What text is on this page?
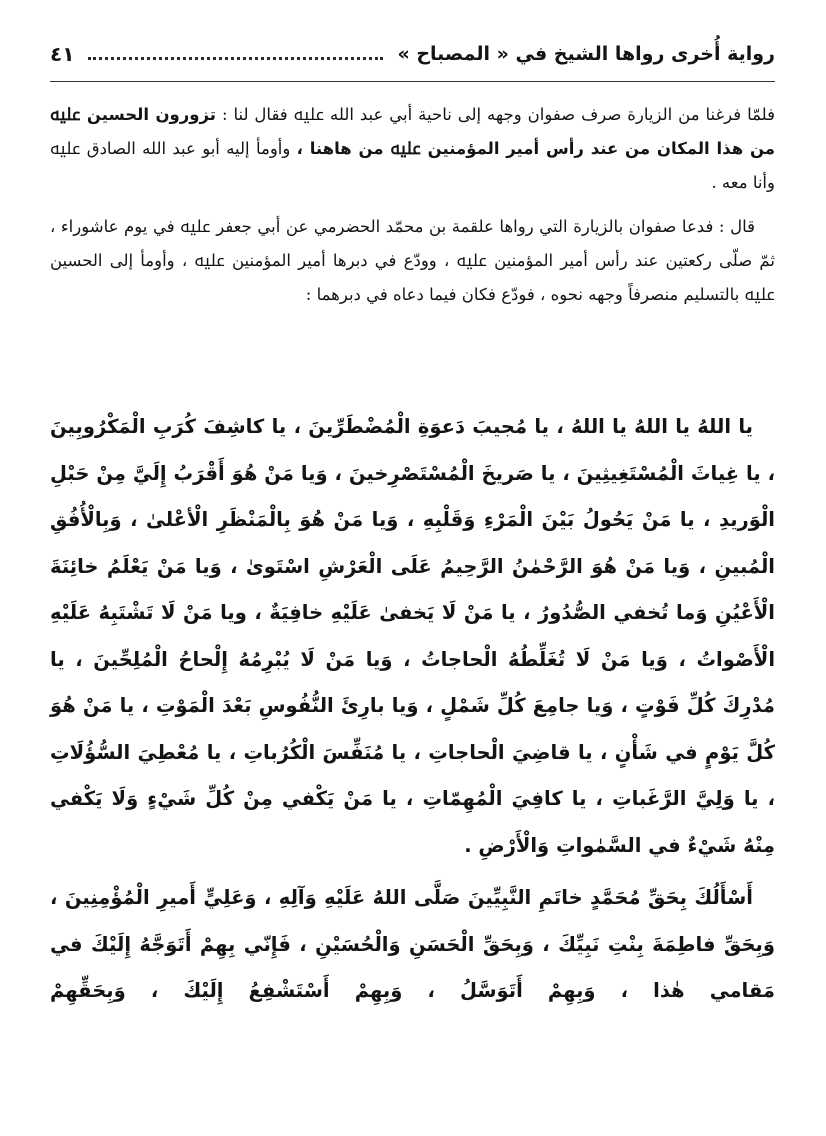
رواية أُخرى رواها الشيخ في « المصباح »
٤١

فلمّا فرغنا من الزيارة صرف صفوان وجهه إلى ناحية أبي عبد الله ﷷ فقال لنا : تزورون الحسين ﷷ من هذا المكان من عند رأس أمير المؤمنين ﷷ من هاهنا ، وأومأ إليه أبو عبد الله الصادق ﷷ وأنا معه .

قال : فدعا صفوان بالزيارة التي رواها علقمة بن محمّد الحضرمي عن أبي جعفر ﷷ في يوم عاشوراء ، ثمّ صلّى ركعتين عند رأس أمير المؤمنين ﷷ ، وودّع في دبرها أمير المؤمنين ﷷ ، وأومأ إلى الحسين ﷷ بالتسليم منصرفاً وجهه نحوه ، فودّع فكان فيما دعاه في دبرهما :

يا اللهُ يا اللهُ يا اللهُ ، يا مُجيبَ دَعوَةِ الْمُضْطَرِّينَ ، يا كاشِفَ كُرَبِ الْمَكْرُوبِينَ ، يا غِياثَ الْمُسْتَغِيثِينَ ، يا صَريخَ الْمُسْتَصْرِخينَ ، وَيا مَنْ هُوَ أَقْرَبُ إِلَيَّ مِنْ حَبْلِ الْوَريدِ ، يا مَنْ يَحُولُ بَيْنَ الْمَرْءِ وَقَلْبِهِ ، وَيا مَنْ هُوَ بِالْمَنْظَرِ الْأعْلىٰ ، وَبِالْأُفُقِ الْمُبينِ ، وَيا مَنْ هُوَ الرَّحْمٰنُ الرَّحِيمُ عَلَى الْعَرْشِ اسْتَوىٰ ، وَيا مَنْ يَعْلَمُ خائِنَةَ الْأَعْيُنِ وَما تُخفي الصُّدُورُ ، يا مَنْ لَا يَخفىٰ عَلَيْهِ خافِيَةٌ ، ويا مَنْ لَا تَشْتَبِهُ عَلَيْهِ الْأَصْواتُ ، وَيا مَنْ لَا تُغَلِّطُهُ الْحاجاتُ ، وَيا مَنْ لَا يُبْرِمُهُ إِلْحاحُ الْمُلِحِّينَ ، يا مُدْرِكَ كُلِّ فَوْتٍ ، وَيا جامِعَ كُلِّ شَمْلٍ ، وَيا بارِئَ النُّفُوسِ بَعْدَ الْمَوْتِ ، يا مَنْ هُوَ كُلَّ يَوْمٍ في شَأْنٍ ، يا قاضِيَ الْحاجاتِ ، يا مُنَفِّسَ الْكُرُباتِ ، يا مُعْطِيَ السُّؤُلَاتِ ، يا وَلِيَّ الرَّغَباتِ ، يا كافِيَ الْمُهِمّاتِ ، يا مَنْ يَكْفي مِنْ كُلِّ شَيْءٍ وَلَا يَكْفي مِنْهُ شَيْءٌ في السَّمٰواتِ وَالْأَرْضِ .

أَسْأَلُكَ بِحَقِّ مُحَمَّدٍ خاتَمِ النَّبِيِّينَ صَلَّى اللهُ عَلَيْهِ وَآلِهِ ، وَعَلِيٍّ أَميرِ الْمُؤْمِنِينَ ، وَبِحَقِّ فاطِمَةَ بِنْتِ نَبِيِّكَ ، وَبِحَقِّ الْحَسَنِ وَالْحُسَيْنِ ، فَإِنّي بِهِمْ أَتَوَجَّهُ إِلَيْكَ في مَقامي هٰذا ، وَبِهِمْ أَتَوَسَّلُ ، وَبِهِمْ أَسْتَشْفِعُ إِلَيْكَ ، وَبِحَقِّهِمْ
